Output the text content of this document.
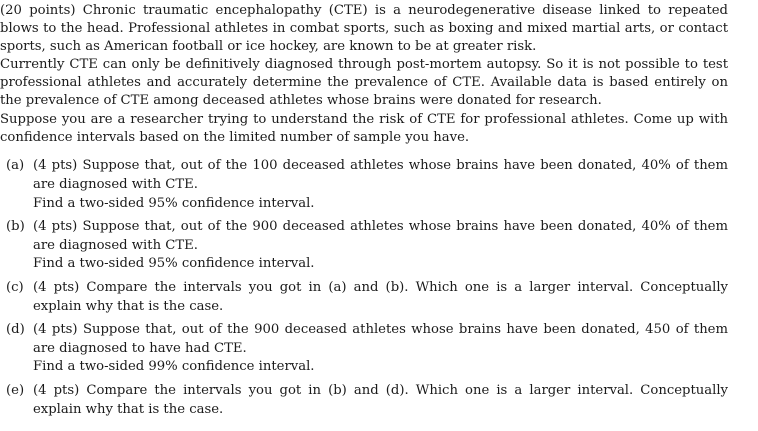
(20 points) Chronic traumatic encephalopathy (CTE) is a neurodegenerative disease linked to repeated blows to the head. Professional athletes in combat sports, such as boxing and mixed martial arts, or contact sports, such as American football or ice hockey, are known to be at greater risk.

Currently CTE can only be definitively diagnosed through post-mortem autopsy. So it is not possible to test professional athletes and accurately determine the prevalence of CTE. Available data is based entirely on the prevalence of CTE among deceased athletes whose brains were donated for research.

Suppose you are a researcher trying to understand the risk of CTE for professional athletes. Come up with confidence intervals based on the limited number of sample you have.

(a) (4 pts) Suppose that, out of the 100 deceased athletes whose brains have been donated, 40% of them are diagnosed with CTE.

Find a two-sided 95% confidence interval.

(b) (4 pts) Suppose that, out of the 900 deceased athletes whose brains have been donated, 40% of them are diagnosed with CTE.

Find a two-sided 95% confidence interval.

(c) (4 pts) Compare the intervals you got in (a) and (b). Which one is a larger interval. Conceptually explain why that is the case.

(d) (4 pts) Suppose that, out of the 900 deceased athletes whose brains have been donated, 450 of them are diagnosed to have had CTE.

Find a two-sided 99% confidence interval.

(e) (4 pts) Compare the intervals you got in (b) and (d). Which one is a larger interval. Conceptually explain why that is the case.
